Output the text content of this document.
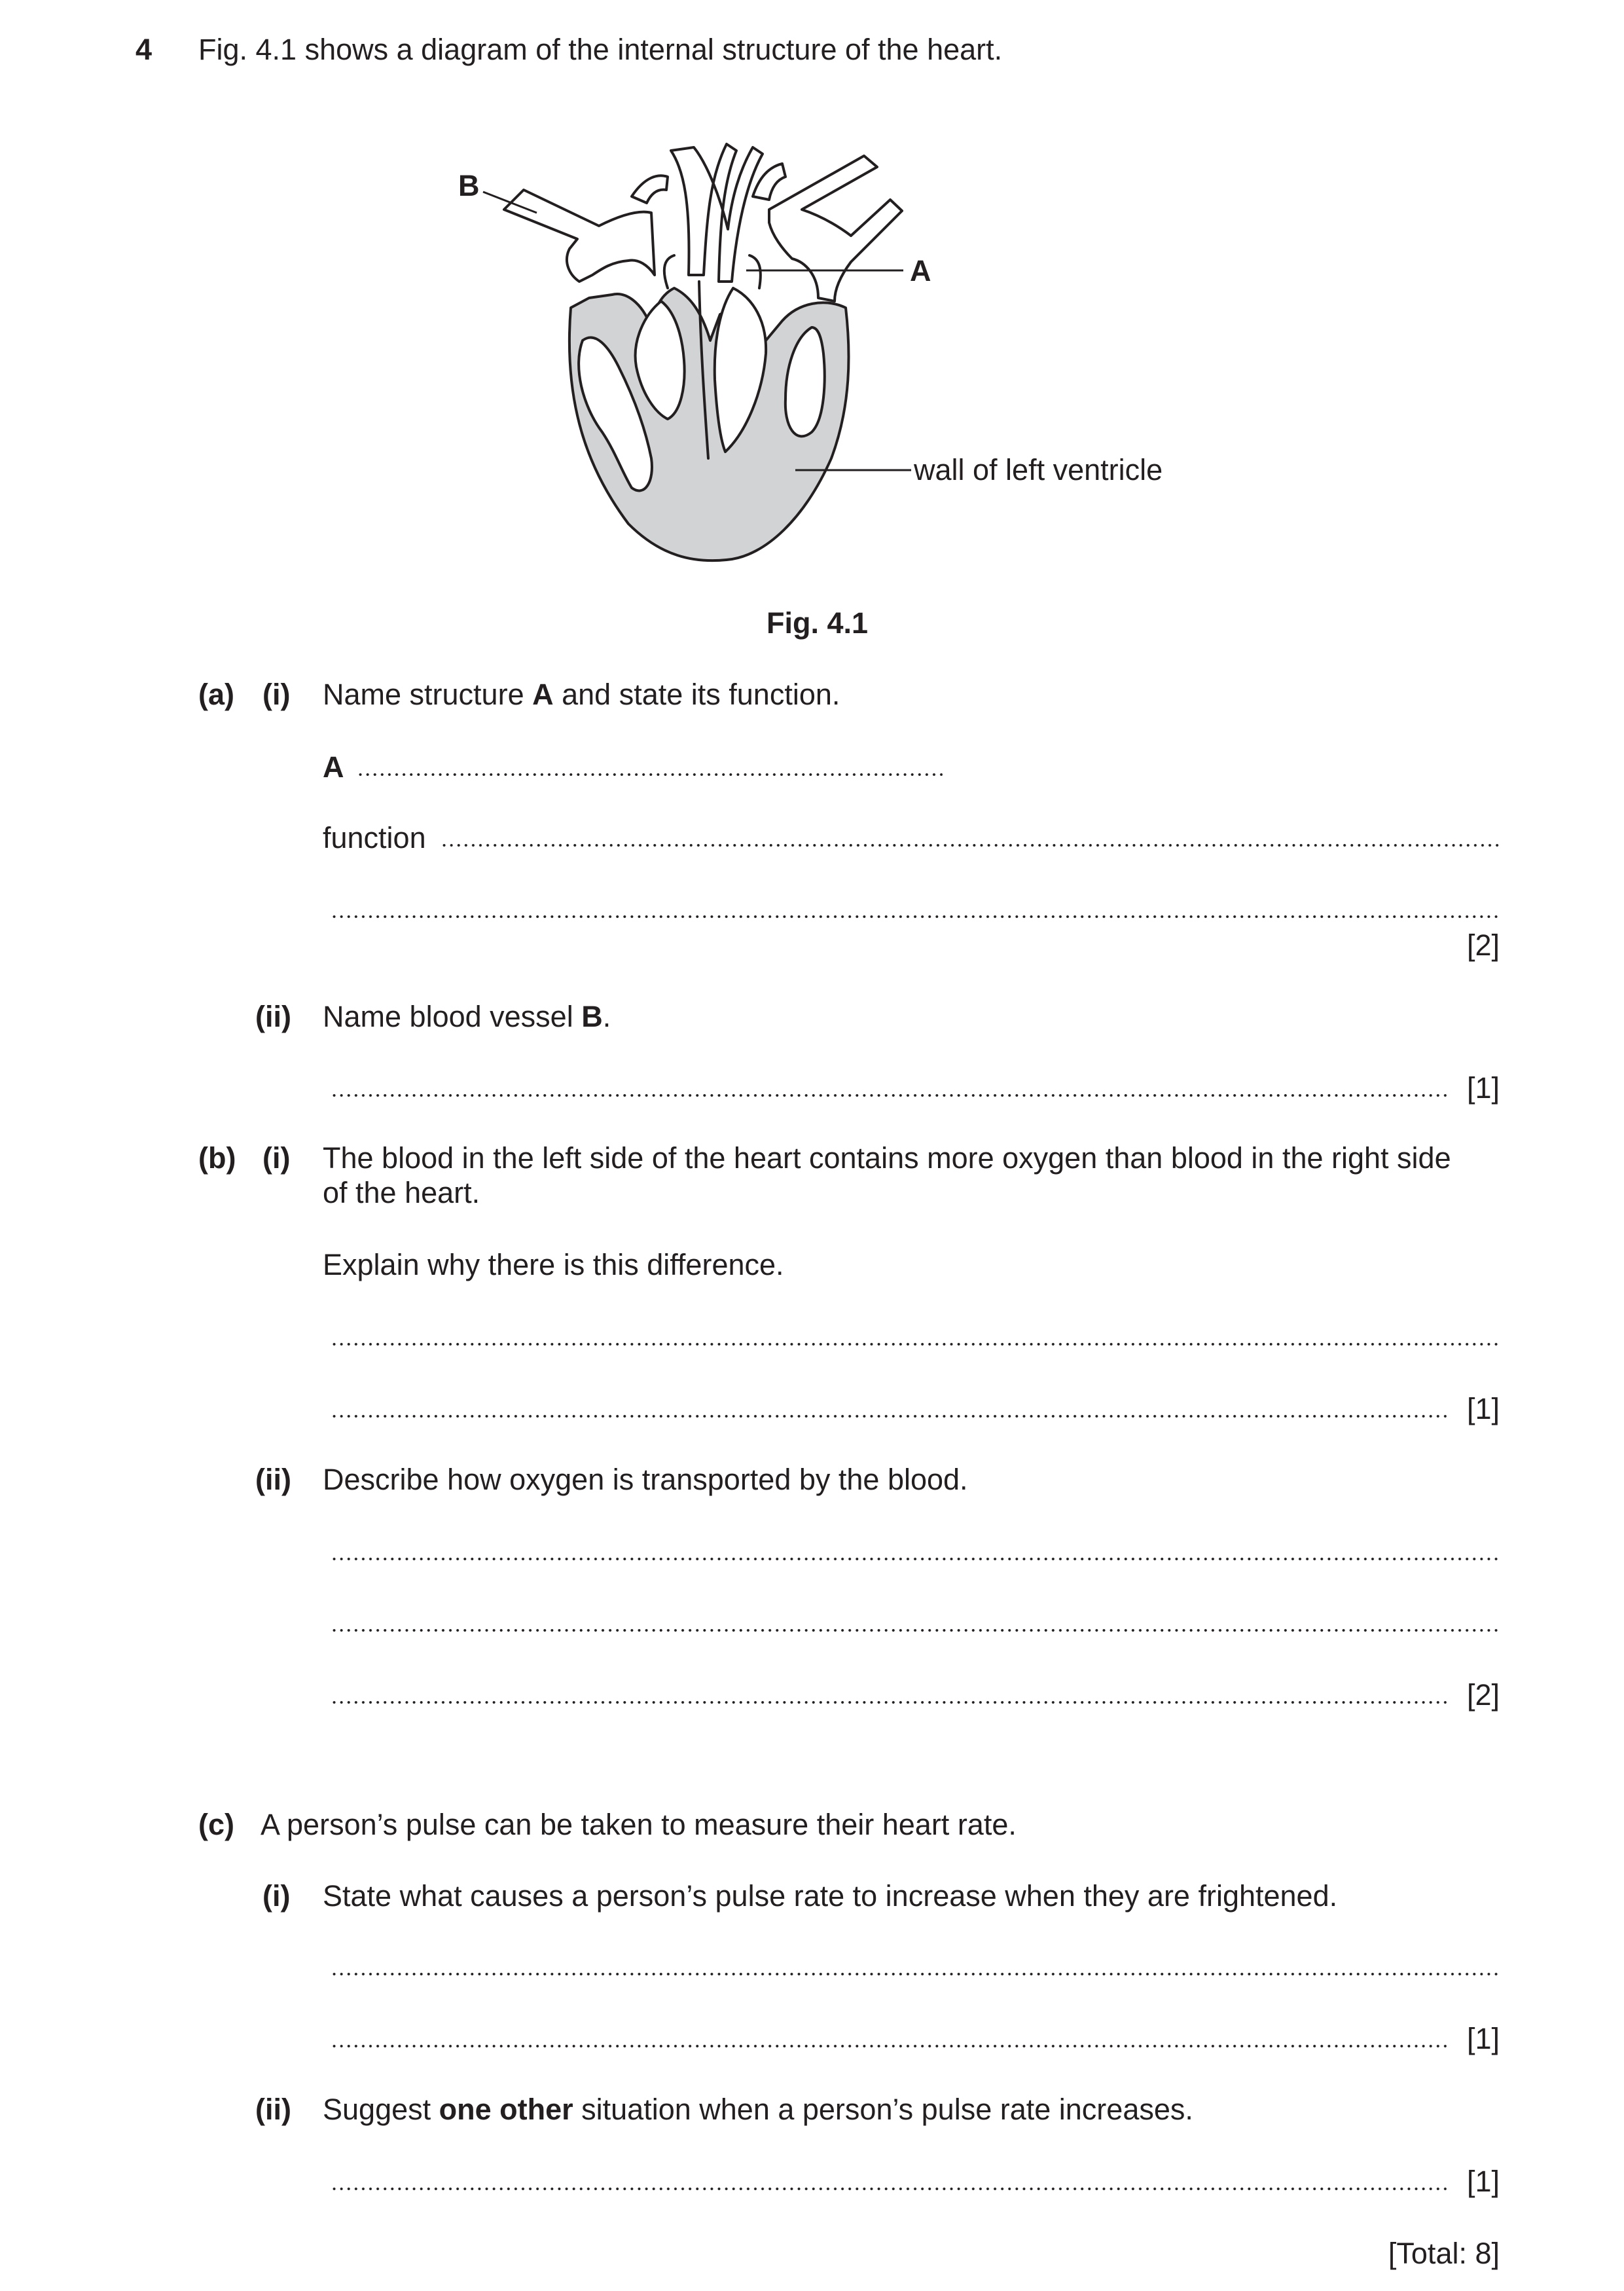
4 Fig. 4.1 shows a diagram of the internal structure of the heart.
B
A
wall of left ventricle
Fig. 4.1
(a) (i) Name structure A and state its function.
A
function
[2]
(ii) Name blood vessel B.
[1]
(b) (i) The blood in the left side of the heart contains more oxygen than blood in the right side
of the heart.
Explain why there is this difference.
[1]
(ii) Describe how oxygen is transported by the blood.
[2]
(c) A person’s pulse can be taken to measure their heart rate.
(i) State what causes a person’s pulse rate to increase when they are frightened.
[1]
(ii) Suggest one other situation when a person’s pulse rate increases.
[1]
[Total: 8]
